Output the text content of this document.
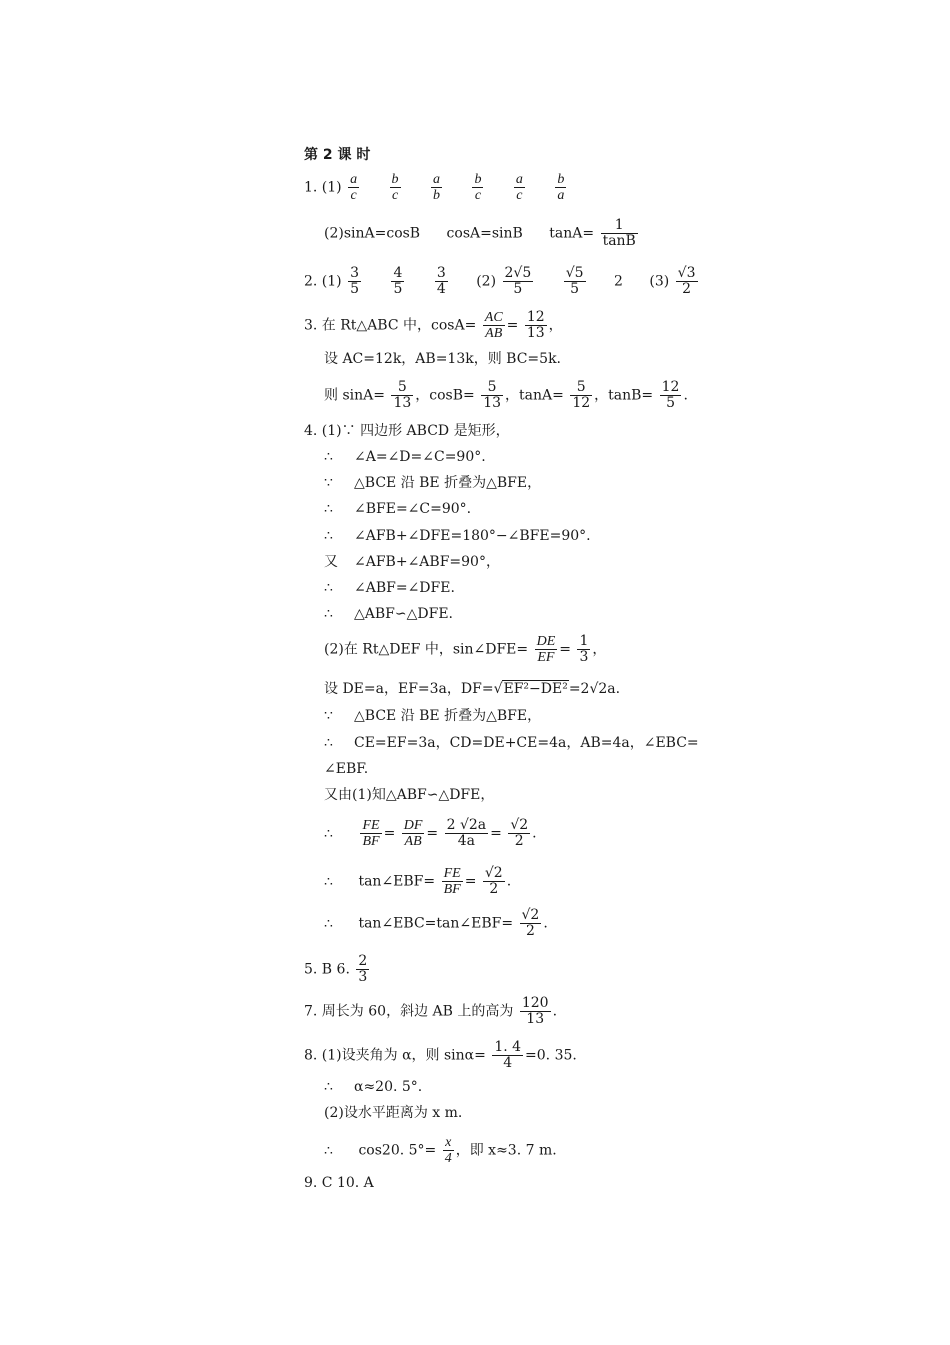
第 2 课 时
1. $(1) \frac{a}{c}$
$\frac{b}{c}$
$\frac{a}{b}$
$\frac{b}{c}$
$\frac{a}{c}$
$\frac{b}{a}$
(2)sinA=cosB cosA=sinB $\tan A= \frac{1}{\tan B}$
2. $(1) \frac{3}{5}$
$\frac{4}{5}$
$\frac{3}{4} (2) \frac{2√5}{5}$
$\frac{√5}{5} 2$ $(3) \frac{√3}{2}$
3. 在 Rt△ABC 中，$\cos A= \frac{AC}{AB} = \frac{12}{13}$ ，
设 AC=12k，AB=13k，则 BC=5k.
则 $\sin A= \frac{5}{13}$ ，$\cos B= \frac{5}{13}$ ，$\tan A= \frac{5}{12}$ ，$\tan B= \frac{12}{5}$ .
4. (1)∵ 四边形 ABCD 是矩形，
∴ ∠A=∠D=∠C=90°.
∵ △BCE 沿 BE 折叠为△BFE，
∴ ∠BFE=∠C=90°.
∴ ∠AFB+∠DFE=180°−∠BFE=90°.
又 ∠AFB+∠ABF=90°，
∴ ∠ABF=∠DFE.
∴ △ABF∽△DFE.
(2)在 Rt△DEF 中，sin∠DFE= $\frac{DE}{EF} = \frac{1}{3}$ ，
设 DE=a，EF=3a，DF=√EF²−DE²=2√2a.
∵ △BCE 沿 BE 折叠为△BFE，
∴ CE=EF=3a，CD=DE+CE=4a，AB=4a，∠EBC=
∠EBF.
又由(1)知△ABF∽△DFE，
∴ $\frac{FE}{BF} = \frac{DF}{AB} = \frac{2 √2a}{4a} = \frac{√2}{2}$ .
∴ tan∠EBF= $\frac{FE}{BF} = \frac{√2}{2}$ .
∴ tan∠EBC=tan∠EBF= $\frac{√2}{2}$ .
5. B 6. $\frac{2}{3}$
7. 周长为 60，斜边 AB 上的高为 $\frac{120}{13}$ .
8. (1)设夹角为 α，则 $\sin\alpha= \frac{1. 4}{4} =0$. 35.
∴ α≈20. 5°.
(2)设水平距离为 x m.
∴ cos20. $5^\circ= \frac{x}{4}$ ，即 x≈3. 7 m.
9. C 10. A
